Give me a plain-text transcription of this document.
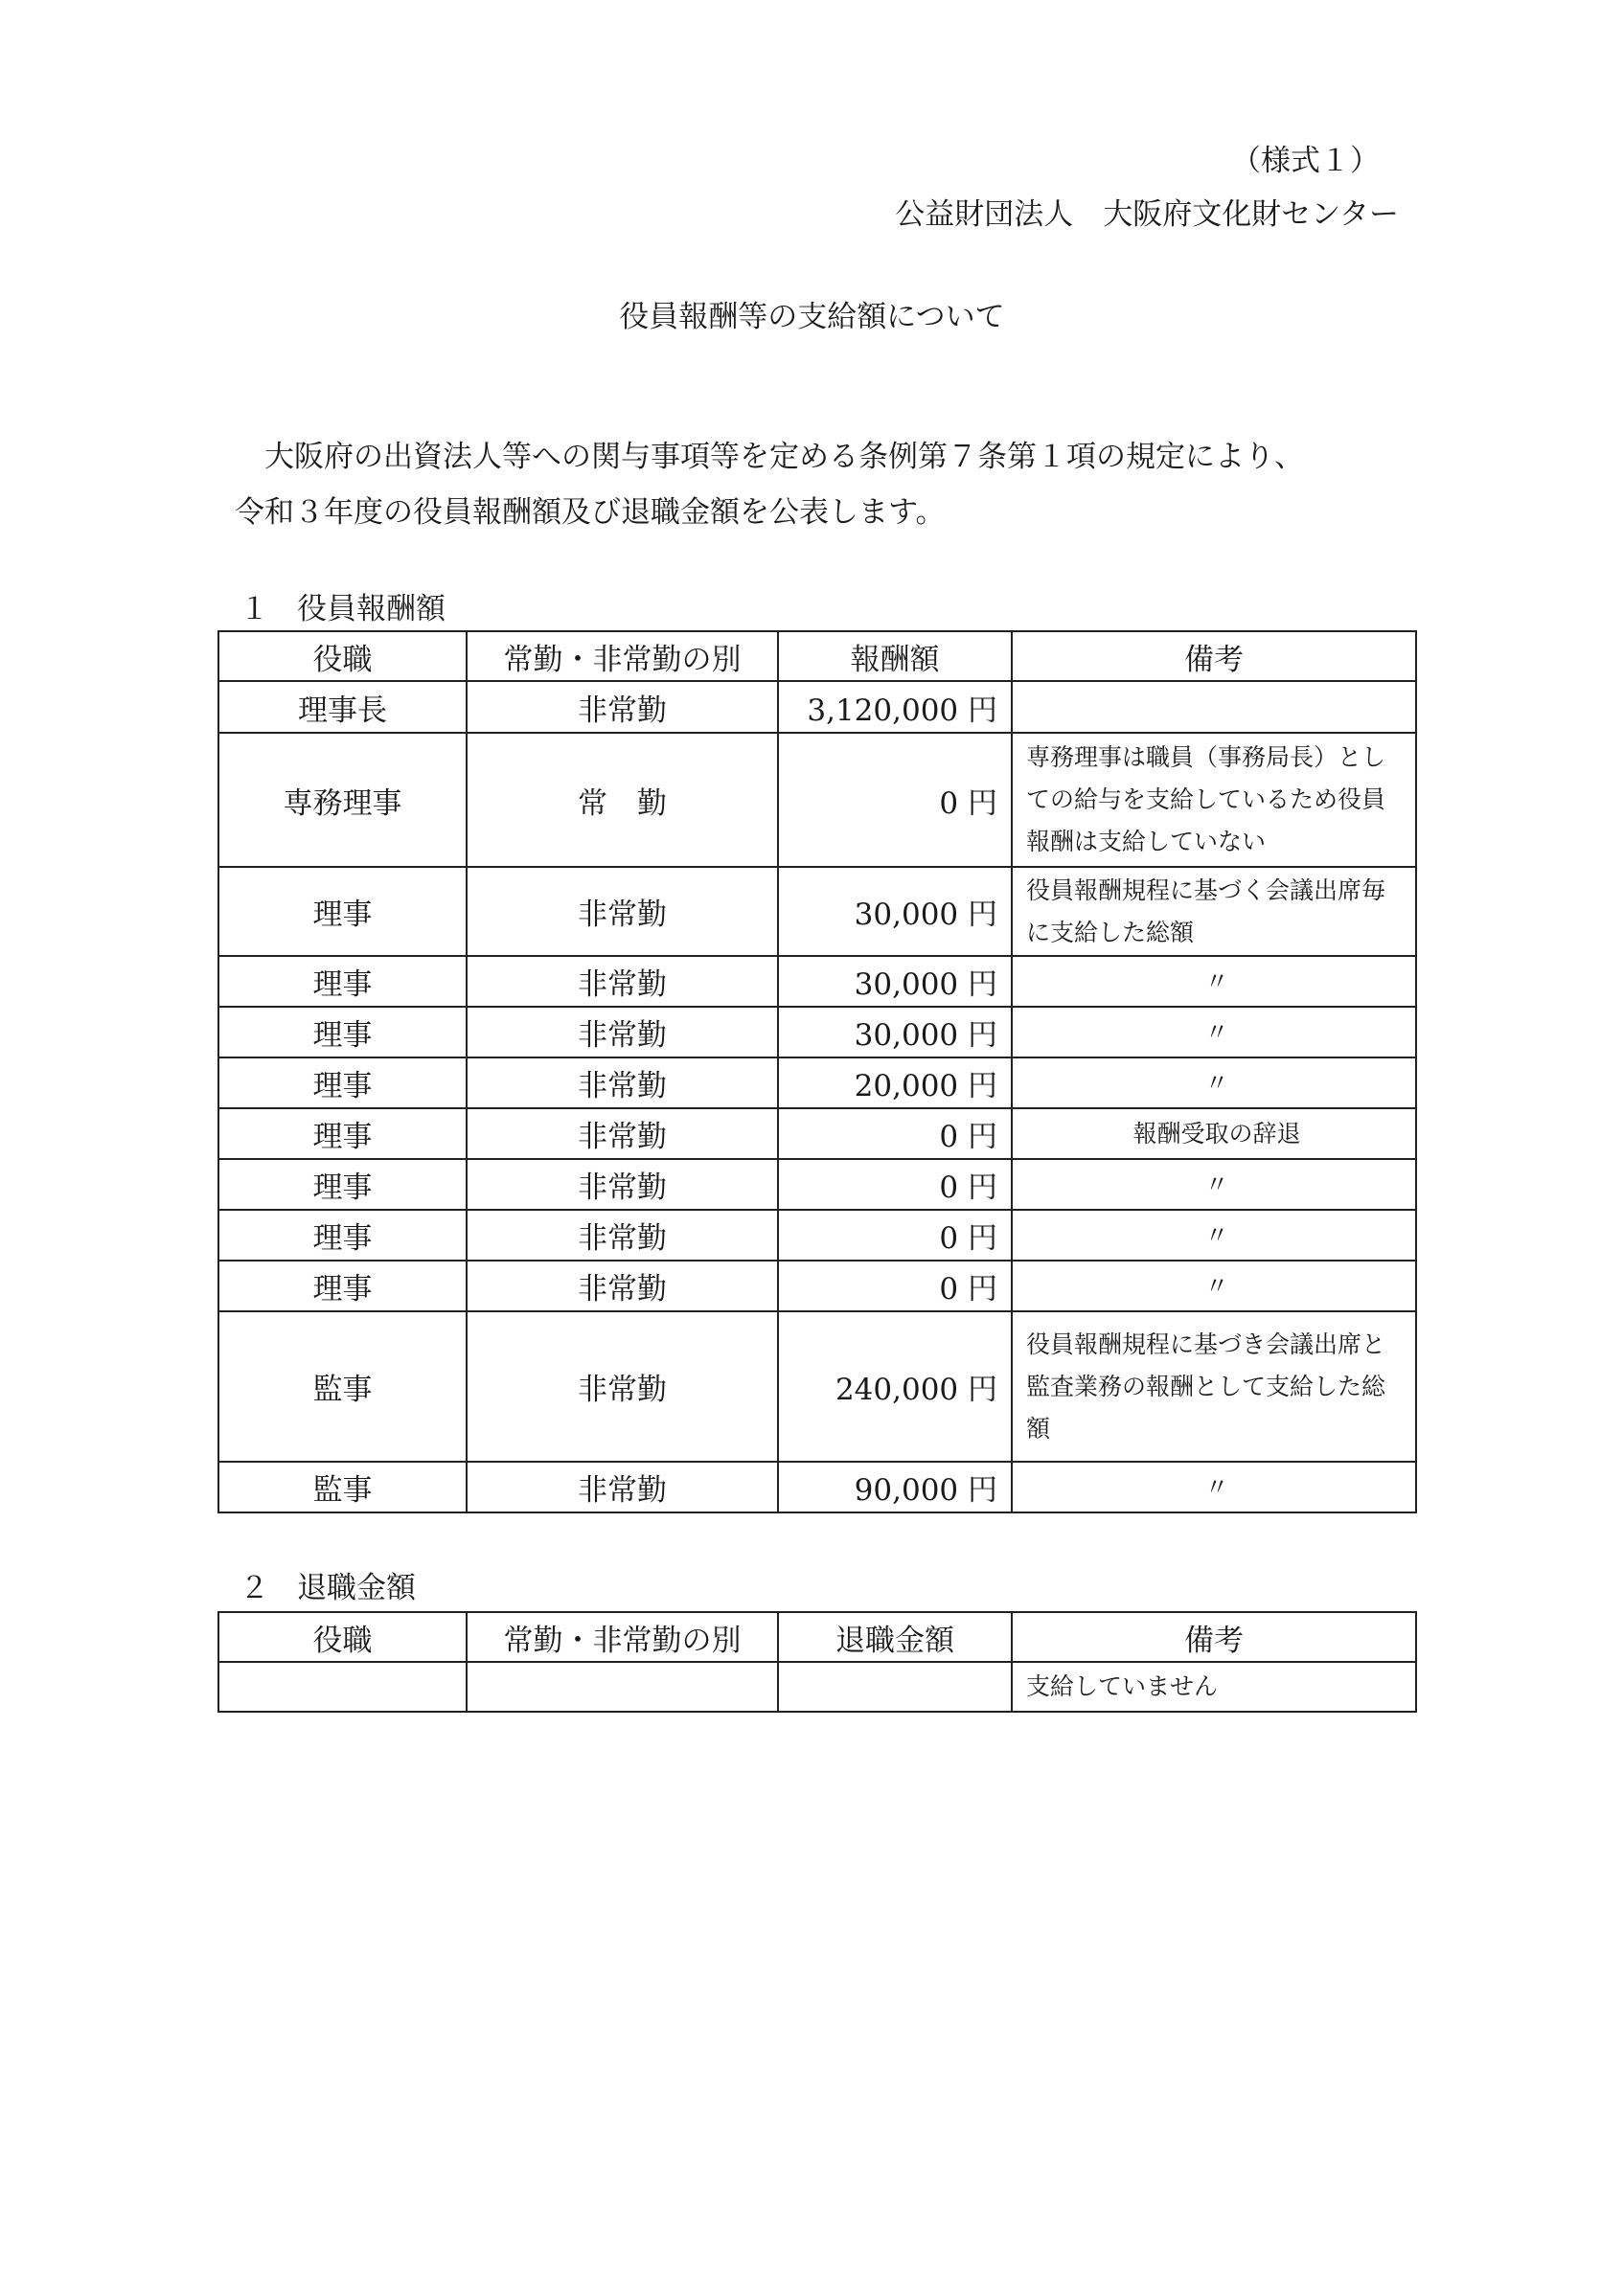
（様式１）
公益財団法人　大阪府文化財センター
役員報酬等の支給額について

　大阪府の出資法人等への関与事項等を定める条例第７条第１項の規定により、

令和３年度の役員報酬額及び退職金額を公表します。

１ 役員報酬額
役職	常勤・非常勤の別	報酬額	備考
理事長	非常勤	3,120,000 円	
専務理事	常　勤	0 円	専務理事は職員（事務局長）としての給与を支給しているため役員報酬は支給していない
理事	非常勤	30,000 円	役員報酬規程に基づく会議出席毎に支給した総額
理事	非常勤	30,000 円	〃
理事	非常勤	30,000 円	〃
理事	非常勤	20,000 円	〃
理事	非常勤	0 円	報酬受取の辞退
理事	非常勤	0 円	〃
理事	非常勤	0 円	〃
理事	非常勤	0 円	〃
監事	非常勤	240,000 円	役員報酬規程に基づき会議出席と監査業務の報酬として支給した総額
監事	非常勤	90,000 円	〃
２ 退職金額
役職	常勤・非常勤の別	退職金額	備考
			支給していません
